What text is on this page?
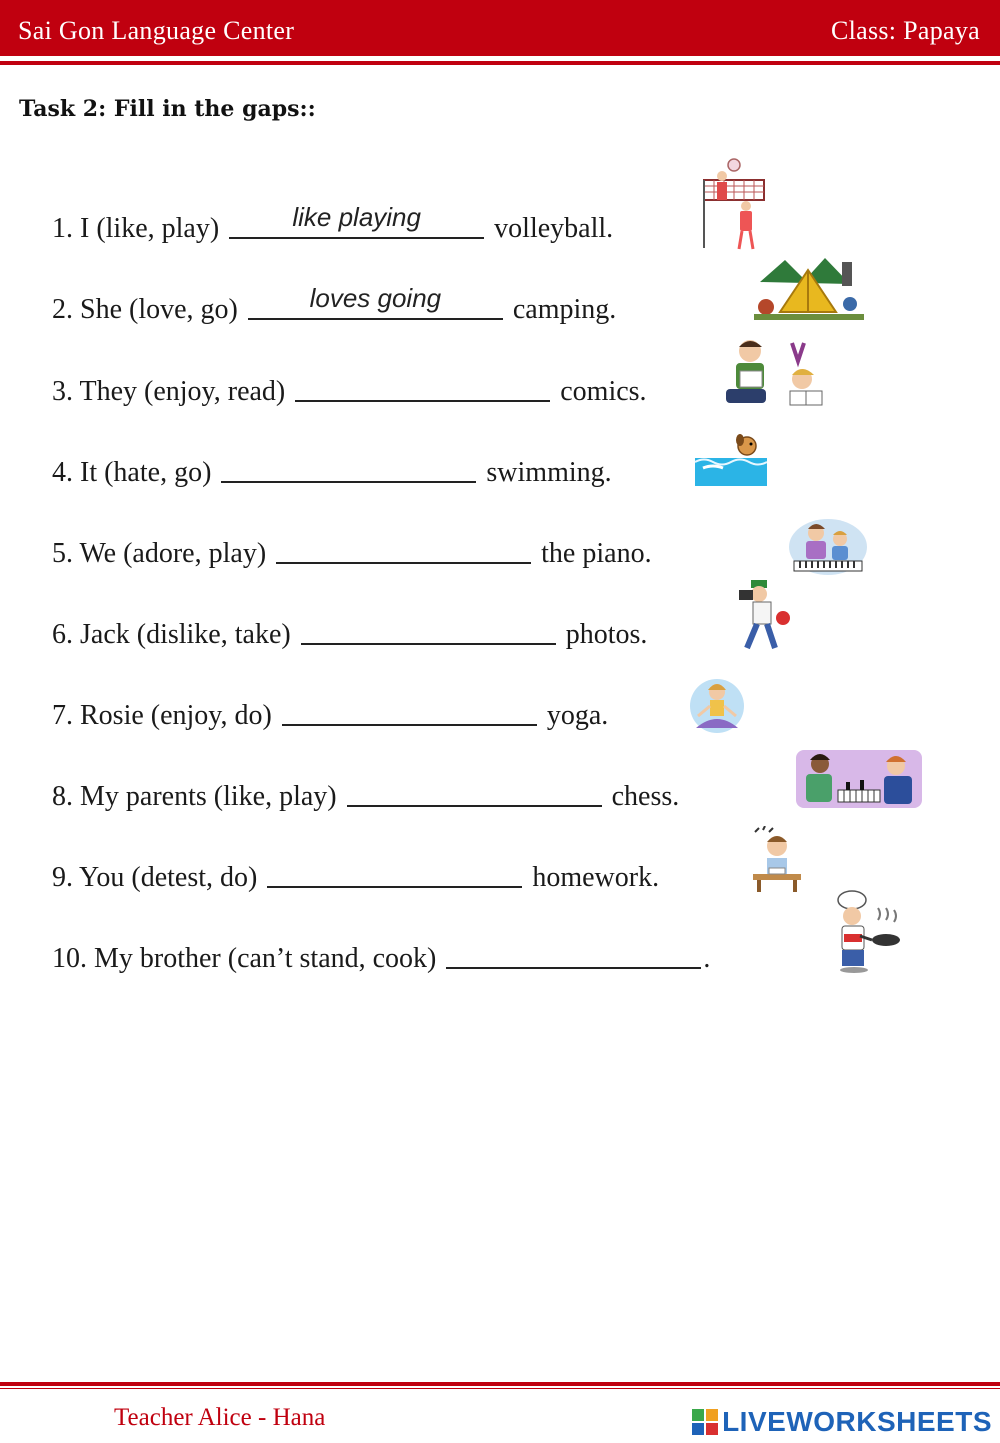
Sai Gon Language Center	Class: Papaya
Task 2: Fill in the gaps::
1. I (like, play)	like playing	volleyball.
2. She (love, go)	loves going	camping.
3. They (enjoy, read)	comics.
4. It (hate, go)	swimming.
5. We (adore, play)	the piano.
6. Jack (dislike, take)	photos.
7. Rosie (enjoy, do)	yoga.
8. My parents (like, play)	chess.
9. You (detest, do)	homework.
10. My brother (can’t stand, cook)	.
Teacher Alice - Hana	LIVEWORKSHEETS
